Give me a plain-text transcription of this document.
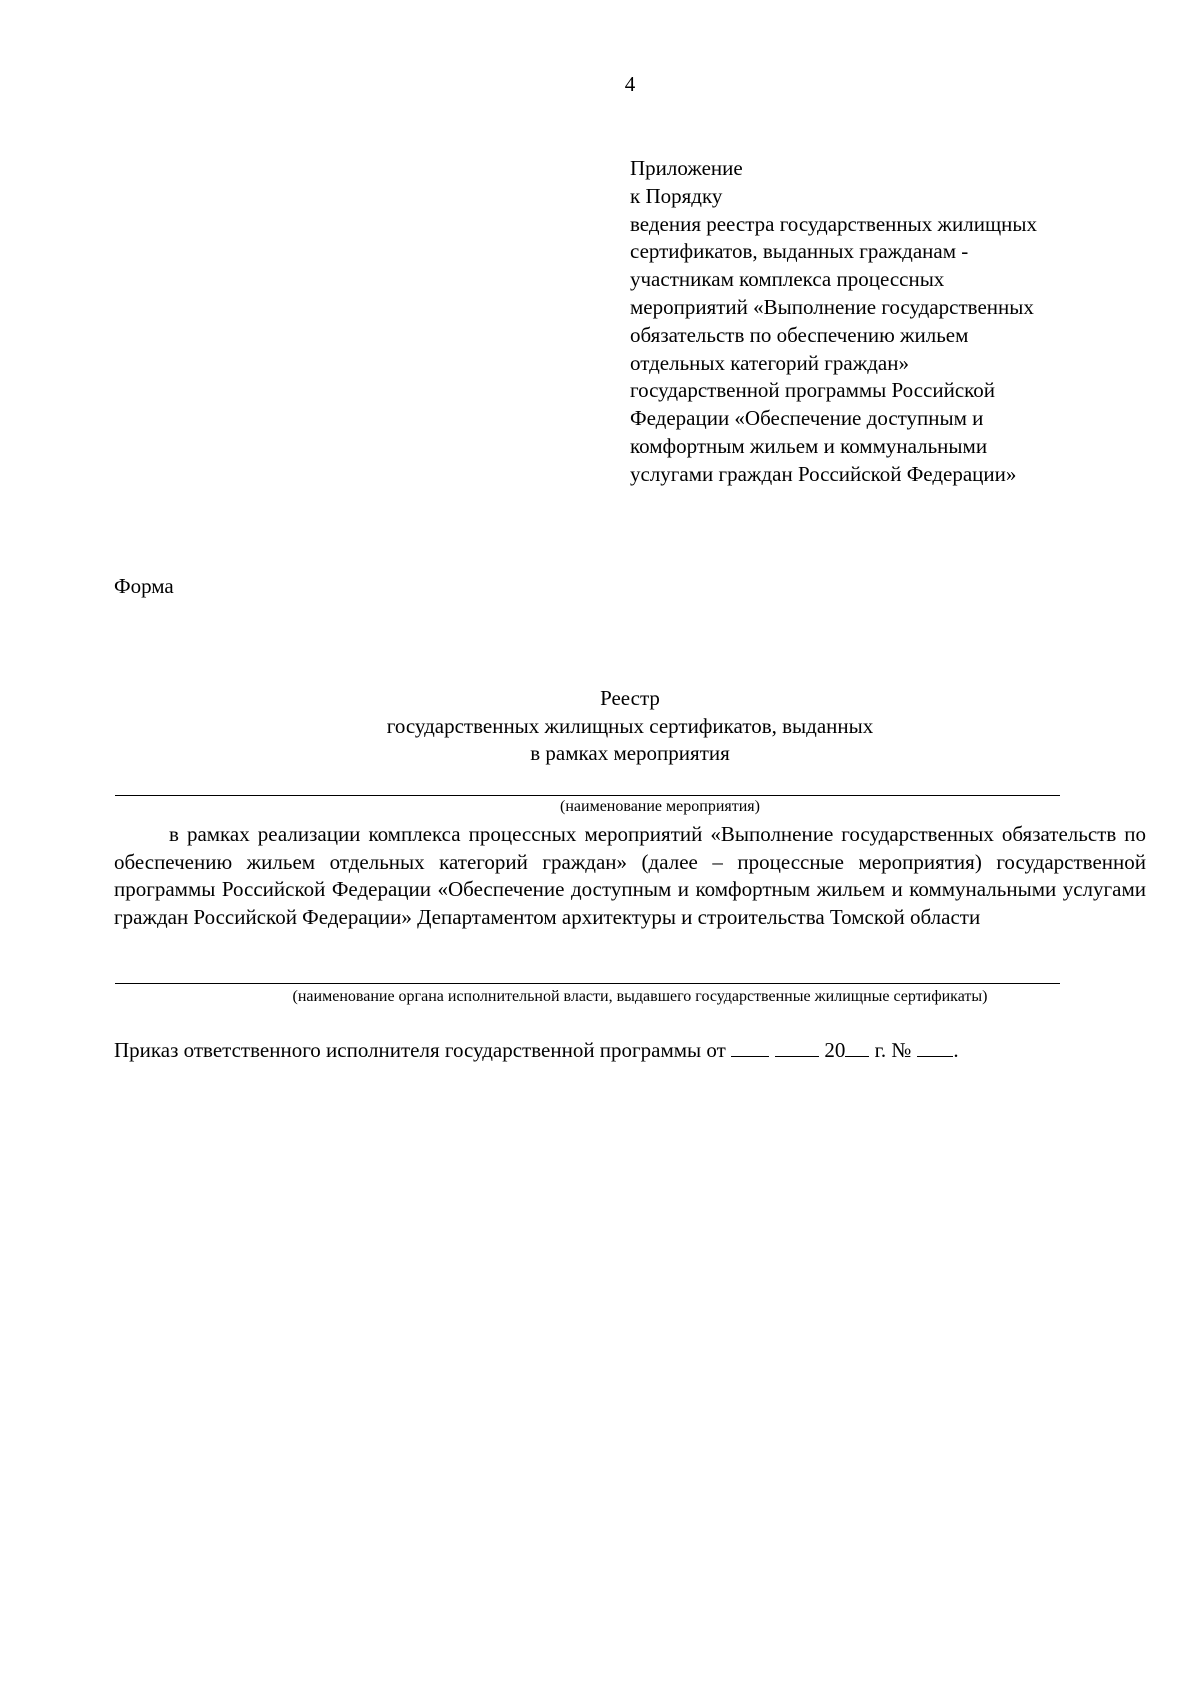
4
Приложение
к Порядку
ведения реестра государственных жилищных
сертификатов, выданных гражданам -
участникам комплекса процессных
мероприятий «Выполнение государственных
обязательств по обеспечению жильем
отдельных категорий граждан»
государственной программы Российской
Федерации «Обеспечение доступным и
комфортным жильем и коммунальными
услугами граждан Российской Федерации»
Форма
Реестр
государственных жилищных сертификатов, выданных
в рамках мероприятия
(наименование мероприятия)
в рамках реализации комплекса процессных мероприятий «Выполнение государственных обязательств по обеспечению жильем отдельных категорий граждан» (далее – процессные мероприятия) государственной программы Российской Федерации «Обеспечение доступным и комфортным жильем и коммунальными услугами граждан Российской Федерации» Департаментом архитектуры и строительства Томской области
(наименование органа исполнительной власти, выдавшего государственные жилищные сертификаты)
Приказ ответственного исполнителя государственной программы от	20 г. № .
